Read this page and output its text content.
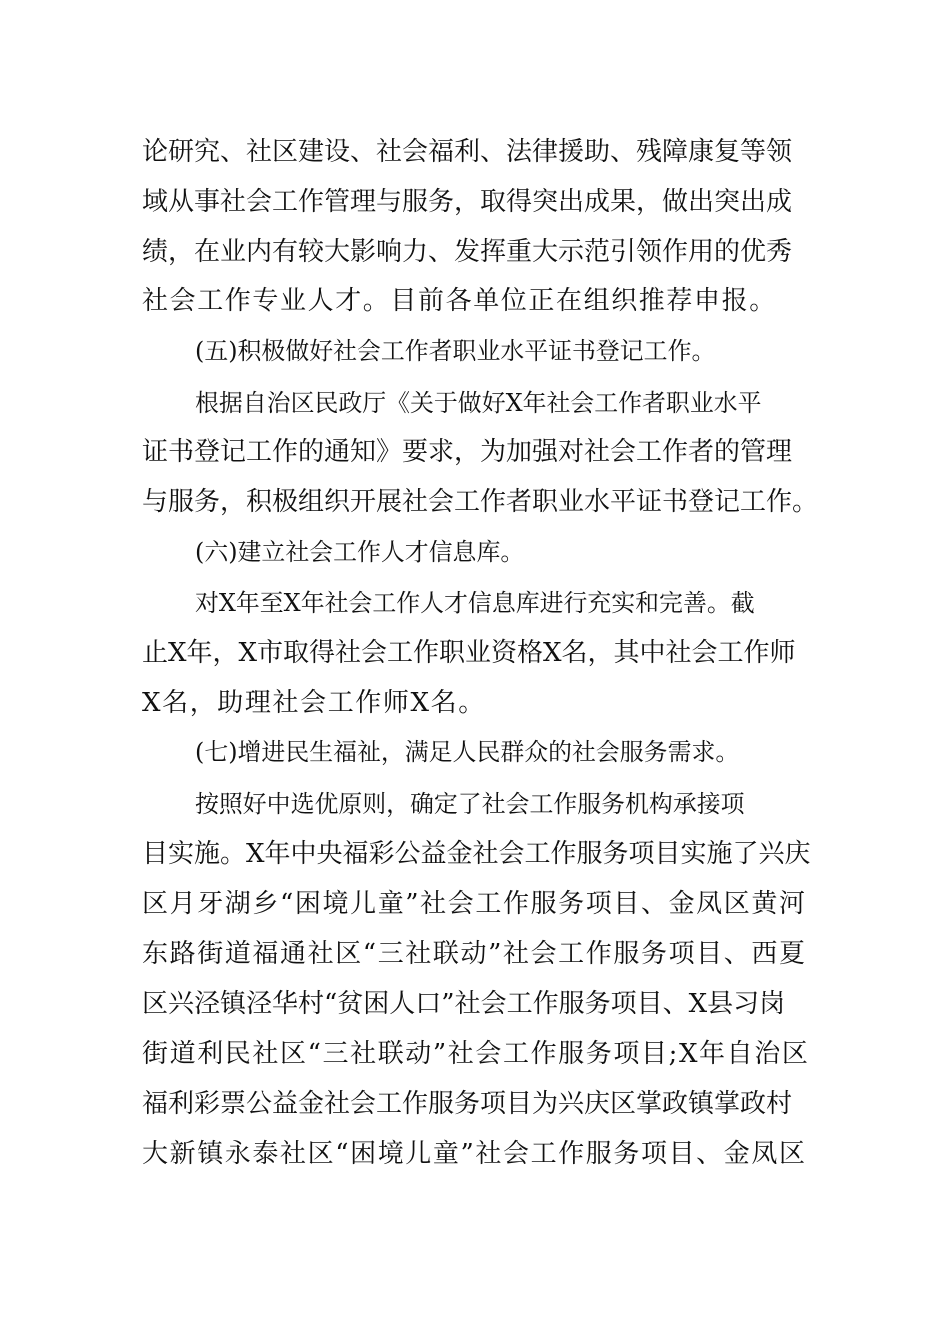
论研究、社区建设、社会福利、法律援助、残障康复等领
域从事社会工作管理与服务，取得突出成果，做出突出成
绩，在业内有较大影响力、发挥重大示范引领作用的优秀
社会工作专业人才。目前各单位正在组织推荐申报。
(五)积极做好社会工作者职业水平证书登记工作。
根据自治区民政厅《关于做好X年社会工作者职业水平
证书登记工作的通知》要求，为加强对社会工作者的管理
与服务，积极组织开展社会工作者职业水平证书登记工作。
(六)建立社会工作人才信息库。
对X年至X年社会工作人才信息库进行充实和完善。截
止X年，X市取得社会工作职业资格X名，其中社会工作师
X名，助理社会工作师X名。
(七)增进民生福祉，满足人民群众的社会服务需求。
按照好中选优原则，确定了社会工作服务机构承接项
目实施。X年中央福彩公益金社会工作服务项目实施了兴庆
区月牙湖乡“困境儿童”社会工作服务项目、金凤区黄河
东路街道福通社区“三社联动”社会工作服务项目、西夏
区兴泾镇泾华村“贫困人口”社会工作服务项目、X县习岗
街道利民社区“三社联动”社会工作服务项目;X年自治区
福利彩票公益金社会工作服务项目为兴庆区掌政镇掌政村
大新镇永泰社区“困境儿童”社会工作服务项目、金凤区
